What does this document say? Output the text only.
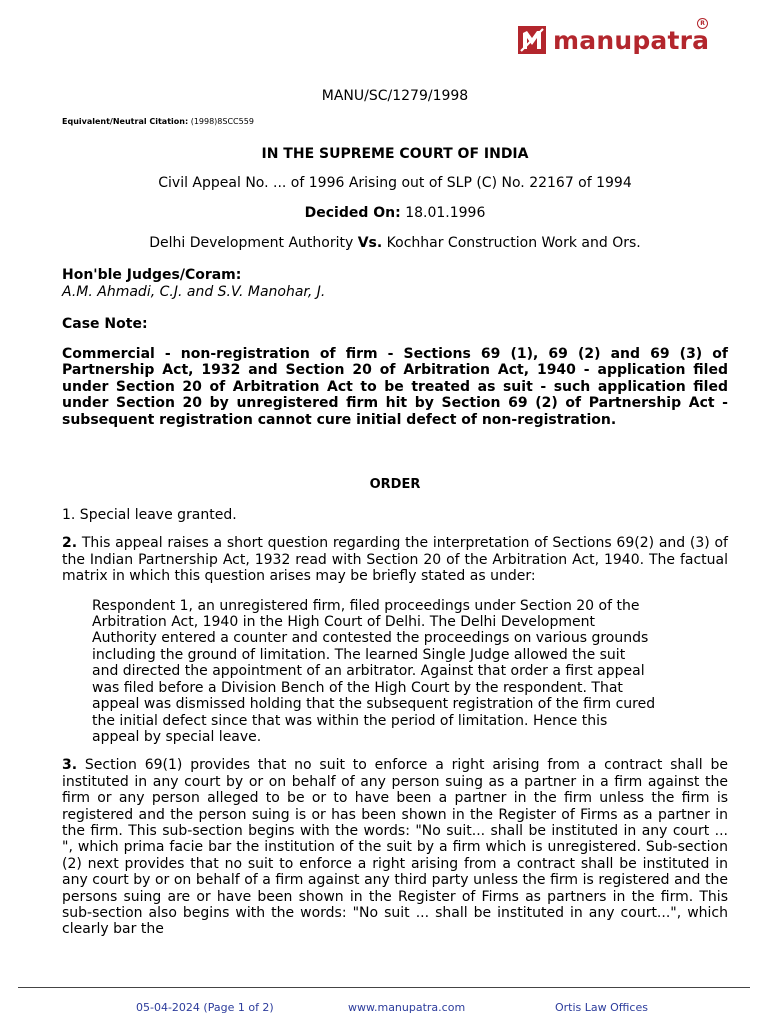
manupatra
R
MANU/SC/1279/1998
Equivalent/Neutral Citation: (1998)8SCC559
IN THE SUPREME COURT OF INDIA
Civil Appeal No. ... of 1996 Arising out of SLP (C) No. 22167 of 1994
Decided On: 18.01.1996
Delhi Development Authority Vs. Kochhar Construction Work and Ors.
Hon'ble Judges/Coram:
A.M. Ahmadi, C.J. and S.V. Manohar, J.
Case Note:
Commercial - non-registration of firm - Sections 69 (1), 69 (2) and 69 (3) of Partnership Act, 1932 and Section 20 of Arbitration Act, 1940 - application filed under Section 20 of Arbitration Act to be treated as suit - such application filed under Section 20 by unregistered firm hit by Section 69 (2) of Partnership Act - subsequent registration cannot cure initial defect of non-registration.
ORDER
1. Special leave granted.
2. This appeal raises a short question regarding the interpretation of Sections 69(2) and (3) of the Indian Partnership Act, 1932 read with Section 20 of the Arbitration Act, 1940. The factual matrix in which this question arises may be briefly stated as under:
Respondent 1, an unregistered firm, filed proceedings under Section 20 of the
Arbitration Act, 1940 in the High Court of Delhi. The Delhi Development
Authority entered a counter and contested the proceedings on various grounds
including the ground of limitation. The learned Single Judge allowed the suit
and directed the appointment of an arbitrator. Against that order a first appeal
was filed before a Division Bench of the High Court by the respondent. That
appeal was dismissed holding that the subsequent registration of the firm cured
the initial defect since that was within the period of limitation. Hence this
appeal by special leave.
3. Section 69(1) provides that no suit to enforce a right arising from a contract shall be instituted in any court by or on behalf of any person suing as a partner in a firm against the firm or any person alleged to be or to have been a partner in the firm unless the firm is registered and the person suing is or has been shown in the Register of Firms as a partner in the firm. This sub-section begins with the words: "No suit... shall be instituted in any court ... ", which prima facie bar the institution of the suit by a firm which is unregistered. Sub-section (2) next provides that no suit to enforce a right arising from a contract shall be instituted in any court by or on behalf of a firm against any third party unless the firm is registered and the persons suing are or have been shown in the Register of Firms as partners in the firm. This sub-section also begins with the words: "No suit ... shall be instituted in any court...", which clearly bar the
05-04-2024 (Page 1 of 2)	www.manupatra.com	Ortis Law Offices
